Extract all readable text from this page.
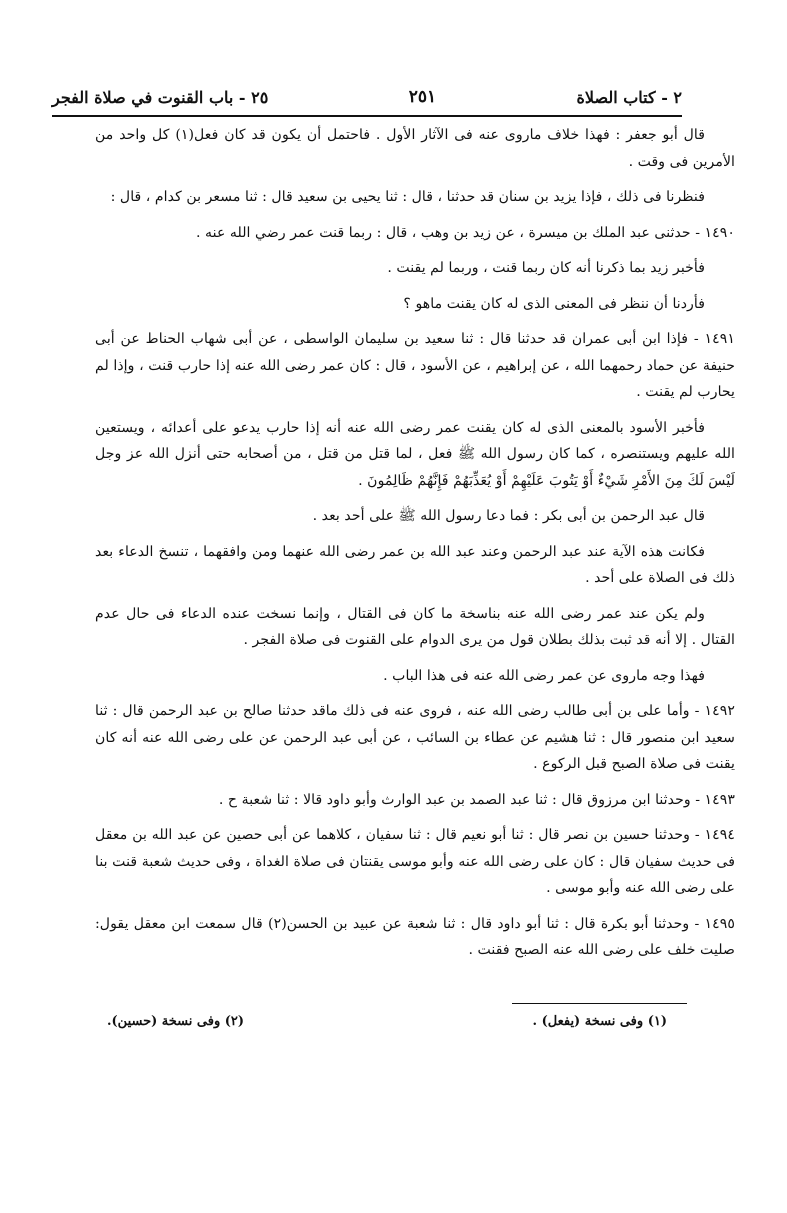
٢ - كتاب الصلاة
٢٥١
٢٥ - باب القنوت في صلاة الفجر

قال أبو جعفر : فهذا خلاف ماروى عنه فى الآثار الأول . فاحتمل أن يكون قد كان فعل(١) كل واحد من الأمرين فى وقت .

فنظرنا فى ذلك ، فإذا يزيد بن سنان قد حدثنا ، قال : ثنا يحيى بن سعيد قال : ثنا مسعر بن كدام ، قال :

١٤٩٠ - حدثنى عبد الملك بن ميسرة ، عن زيد بن وهب ، قال : ربما قنت عمر رضي الله عنه .

فأخبر زيد بما ذكرنا أنه كان ربما قنت ، وربما لم يقنت .

فأردنا أن ننظر فى المعنى الذى له كان يقنت ماهو ؟

١٤٩١ - فإذا ابن أبى عمران قد حدثنا قال : ثنا سعيد بن سليمان الواسطى ، عن أبى شهاب الحناط عن أبى حنيفة عن حماد رحمهما الله ، عن إبراهيم ، عن الأسود ، قال : كان عمر رضى الله عنه إذا حارب قنت ، وإذا لم يحارب لم يقنت .

فأخبر الأسود بالمعنى الذى له كان يقنت عمر رضى الله عنه أنه إذا حارب يدعو على أعدائه ، ويستعين الله عليهم ويستنصره ، كما كان رسول الله ﷺ فعل ، لما قتل من قتل ، من أصحابه حتى أنزل الله عز وجل لَيْسَ لَكَ مِنَ الأَمْرِ شَيْءٌ أَوْ يَتُوبَ عَلَيْهِمْ أَوْ يُعَذِّبَهُمْ فَإِنَّهُمْ ظَالِمُونَ .

قال عبد الرحمن بن أبى بكر : فما دعا رسول الله ﷺ على أحد بعد .

فكانت هذه الآية عند عبد الرحمن وعند عبد الله بن عمر رضى الله عنهما ومن وافقهما ، تنسخ الدعاء بعد ذلك فى الصلاة على أحد .

ولم يكن عند عمر رضى الله عنه بناسخة ما كان فى القتال ، وإنما نسخت عنده الدعاء فى حال عدم القتال . إلا أنه قد ثبت بذلك بطلان قول من يرى الدوام على القنوت فى صلاة الفجر .

فهذا وجه ماروى عن عمر رضى الله عنه فى هذا الباب .

١٤٩٢ - وأما على بن أبى طالب رضى الله عنه ، فروى عنه فى ذلك ماقد حدثنا صالح بن عبد الرحمن قال : ثنا سعيد ابن منصور قال : ثنا هشيم عن عطاء بن السائب ، عن أبى عبد الرحمن عن على رضى الله عنه أنه كان يقنت فى صلاة الصبح قبل الركوع .

١٤٩٣ - وحدثنا ابن مرزوق قال : ثنا عبد الصمد بن عبد الوارث وأبو داود قالا : ثنا شعبة ح .

١٤٩٤ - وحدثنا حسين بن نصر قال : ثنا أبو نعيم قال : ثنا سفيان ، كلاهما عن أبى حصين عن عبد الله بن معقل فى حديث سفيان قال : كان على رضى الله عنه وأبو موسى يقنتان فى صلاة الغداة ، وفى حديث شعبة قنت بنا على رضى الله عنه وأبو موسى .

١٤٩٥ - وحدثنا أبو بكرة قال : ثنا أبو داود قال : ثنا شعبة عن عبيد بن الحسن(٢) قال سمعت ابن معقل يقول: صليت خلف على رضى الله عنه الصبح فقنت .

(١) وفى نسخة (يفعل) .
(٢) وفى نسخة (حسين).
